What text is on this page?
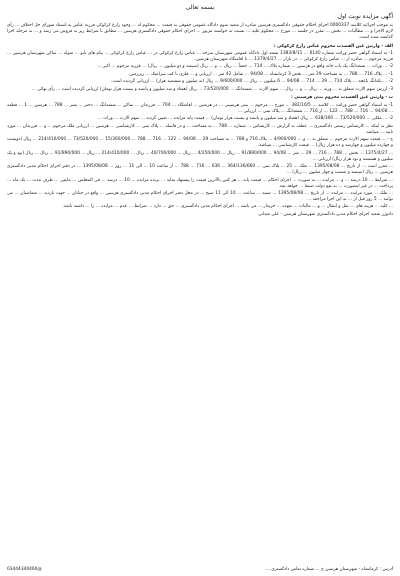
بسمه تعالی
آگهی مزایده نوبت اول

به موجب اجرائیه کلاسه 0000337 اجرای احکام حقوقی دادگستری هرسین صادره از شعبه سوم دادگاه عمومی حقوقی به قیمت ... محکوم له ... وجود زارع کرکوکی فرزند عباس به استناد شورای حل اختلاف ... رأی لازم الاجرا و ... مطالبات ... بخش ... مقرر در جلسه ... مورخ ... محکوم علیه ... نسبت به خواسته مزبور ... اجرای احکام حقوقی دادگستری هرسین ... مطابق با شرایط زیر به فروش می رسد و ... به مرحله اجرا گذاشته شده است.

الف - وارثین عین القصدت محروم عباس زارع کرکوکی :

1- به استناد گواهی حصر وراثت شماره 6140 ... 1383/8/11 شعبه اول دادگاه عمومی شهرستان سرخه ... عباس زارع کرکوکی در ... عباس زارع کرکوکی ... بنام های بانو ... متولد ... ساکن شهرستان هرسین ... فرزند مرحوم ... صادره از ... عباس زارع کرکوکی ... در بازار ... 1379/4/27 ... با اقامتگاه شهرستان هرسین.

2- ... وراث ... ششدانگ یک باب خانه واقع در هرسین ... شماره پلاک ... 714 ... جمعاً ... ریال ... و ... ریال (سیصد و دو میلیون ... ریال) ... فرزند مرحوم ... اکبر ...

1- ... پلاک 716 ... 788 ... به مساحت 29 متر ... بخش 3 کرمانشاه ... 94/08 ... شامل 42 متر ... ارزیابی و ... فلزی با کف سرامیک ... زیرزمین.

2- ... یکدانگ باغچه ... پلاک 714 ... 29 ... 714 ... 94/08 ... 6 میلیون ... ریال ... 9/600/000 ... ریال (نه میلیون و ششصد هزار) ... ارزیابی گردیده است.

3- ارزش سهم الارث متعلق به ... ورثه ... ریال ... و ... ریال ... سهم الارث ... ششدانگ ... 73/520/000 ... ریال (هفتاد و سه میلیون و پانصد و بیست هزار تومان) ارزیابی گردیده است ... رأی نهائی ...

ب - وارثین عین القصدت محروم بنتی هرسینی :

1- به استناد گواهی حصر وراثت ... کلاسه ... 382/10/5 ... مورخ ... مرحوم ... بنتی هرسینی ... در هرسین ... اقامتگاه ... 704 ... فرزندان ... ساکن ... ششدانگ ... دختر ... پسر ... 788 ... هرسین ... 1 ... قطعه ... 94/08 ... 716 ... 788 ... 122 ... از 716 ... ششدانگ ... پلاک ثبتی ... ارزیابی ...

2- ... ملکی ... 73/520/000 ... 638/300 ... ریال (هفتاد و سه میلیون و پانصد و بیست هزار تومان) ... قیمت پایه مزایده ... تعیین گردید ... سهم الارث ... وراث ...

نظر به اینکه ... کارشناس رسمی دادگستری ... عطف به گزارش ... کارشناس ... شماره ... 788 ... به مساحت ... و در فاصله ... پلاک ثبتی ... کارشناسی ... هرسین ... ارزیابی ملک مرحوم ... و ... فرزندان ... مورد تایید ... میباشد.

ج - ... قیمت سهم الارث مرحوم ... متعلق به ... و ... 4/900/000 ... پلاک 716 و 788 ... به مساحت 29 ... 94/08 ... 122 ... 716 ... 788 ... 15/360/000 ... 73/520/000 ... 214/410/000 ... ریال (دویست و چهارده میلیون و چهارصد و ده هزار ریال) ... قیمت کارشناسی ... میباشد.

... 1375/4/27 ... بخش ... 788 ... 716 ... 29 ... متر ... 94/08 ... 91/890/000 ... ریال ... 4/250/000 ... ریال ... 40/700/000 ... ریال ... 214/410/000 ... ریال ... 91/890/000 ... ریال ... ریال (نود و یک میلیون و هشتصد و نود هزار ریال) ارزیابی ...

... مقرر است ... از تاریخ ... 1395/08/08 ... ملک ... 25 ... پلاک ثبتی ... 364/136/660 ... 636 ... 716 ... 788 ... از ساعت 10 ... الی 11 ... روز ... 1395/08/08 ... در دفتر اجرای احکام مدنی دادگستری هرسین ... ریال (سیصد و شصت و چهار میلیون ... ریال) ...

... شرایط ... 10 درصد ... و ... مزایده ... به صورت ... اجرای احکام ... قیمت پایه ... هر کس بالاترین قیمت را پیشنهاد نماید ... برنده مزایده ... 10 ... درصد ... فی المجلس ... مابقی ... ظرف مدت ... یک ماه ... پرداخت ... در غیر اینصورت ... به نفع دولت ضبط ... خواهد شد.

... ملک ... مورد مزایده ... مزایده ... از تاریخ ... 1395/08/08 ... شنبه ... ساعت ... 10 الی 11 صبح ... در محل دفتر اجرای احکام مدنی دادگستری هرسین ... واقع در خیابان ... جهت بازدید ... متقاضیان ... می توانند ... 5 روز قبل از ... به این اجرا مراجعه ...

... کلیه ... هزینه های ... نقل و انتقال ... و ... مالیات ... بعهده ... خریدار ... می باشد ... اجرای احکام مدنی دادگستری ... حق ... دارد ... شرایط ... عدم ... مزایده ... را ... داشته باشد.

دادورز شعبه اجرای احکام مدنی دادگستری شهرستان هرسین - علی میدانی

03444340460@	آدرس : کرمانشاه - شهرستان هرسین خ ... شماره تماس دادگستری ...
